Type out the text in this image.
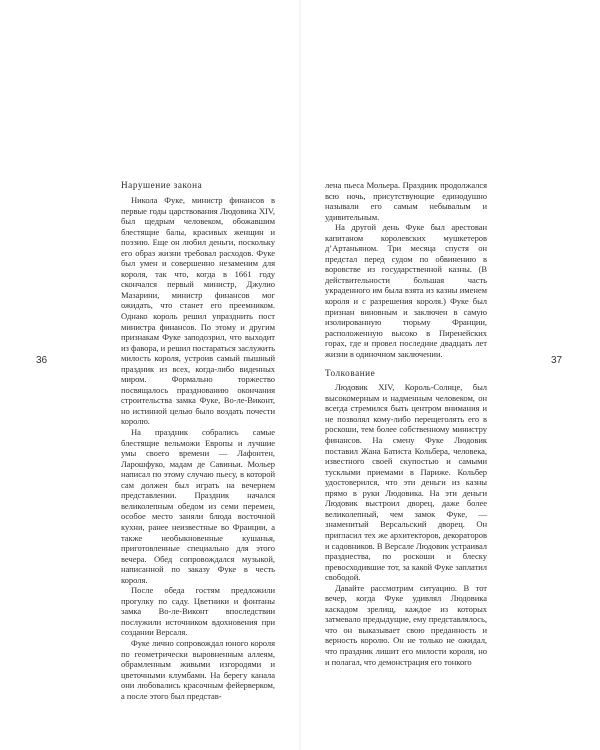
Нарушение закона

Никола Фуке, министр финансов в первые годы царствования Людовика XIV, был щедрым человеком, обожавшим блестящие балы, красивых женщин и поэзию. Еще он любил деньги, поскольку его образ жизни требовал расходов. Фуке был умен и совершенно незаменим для короля, так что, когда в 1661 году скончался первый министр, Джулио Мазарини, министр финансов мог ожидать, что станет его преемником. Однако король решил упразднить пост министра финансов. По этому и другим признакам Фуке заподозрил, что выходит из фавора, и решил постараться заслужить милость короля, устроив самый пышный праздник из всех, когда-либо виденных миром. Формально торжество посвящалось празднованию окончания строительства замка Фуке, Во-ле-Виконт, но истинной целью было воздать почести королю.

На праздник собрались самые блестящие вельможи Европы и лучшие умы своего времени — Лафонтен, Ларошфуко, мадам де Савиньи. Мольер написал по этому случаю пьесу, в которой сам должен был играть на вечернем представлении. Праздник начался великолепным обедом из семи перемен, особое место заняли блюда восточной кухни, ранее неизвестные во Франции, а также необыкновенные кушанья, приготовленные специально для этого вечера. Обед сопровождался музыкой, написанной по заказу Фуке в честь короля.

После обеда гостям предложили прогулку по саду. Цветники и фонтаны замка Во-ле-Виконт впоследствии послужили источником вдохновения при создании Версаля.

Фуке лично сопровождал юного короля по геометрически выровненным аллеям, обрамленным живыми изгородями и цветочными клумбами. На берегу канала они любовались красочным фейерверком, а после этого был представ-

36

лена пьеса Мольера. Праздник продолжался всю ночь, присутствующие единодушно называли его самым небывалым и удивительным.

На другой день Фуке был арестован капитаном королевских мушкетеров д’Артаньяном. Три месяца спустя он предстал перед судом по обвинению в воровстве из государственной казны. (В действительности большая часть украденного им была взята из казны именем короля и с разрешения короля.) Фуке был признан виновным и заключен в самую изолированную тюрьму Франции, расположенную высоко в Пиренейских горах, где и провел последние двадцать лет жизни в одиночном заключении.

Толкование

Людовик XIV, Король-Солнце, был высокомерным и надменным человеком, он всегда стремился быть центром внимания и не позволял кому-либо перещеголять его в роскоши, тем более собственному министру финансов. На смену Фуке Людовик поставил Жана Батиста Кольбера, человека, известного своей скупостью и самыми тусклыми приемами в Париже. Кольбер удостоверился, что эти деньги из казны прямо в руки Людовика. На эти деньги Людовик выстроил дворец, даже более великолепный, чем замок Фуке, — знаменитый Версальский дворец. Он пригласил тех же архитекторов, декораторов и садовников. В Версале Людовик устраивал празднества, по роскоши и блеску превосходившие тот, за какой Фуке заплатил свободой.

Давайте рассмотрим ситуацию. В тот вечер, когда Фуке удивлял Людовика каскадом зрелищ, каждое из которых затмевало предыдущие, ему представлялось, что он выказывает свою преданность и верность королю. Он не только не ожидал, что праздник лишит его милости короля, но и полагал, что демонстрация его тонкого

37
